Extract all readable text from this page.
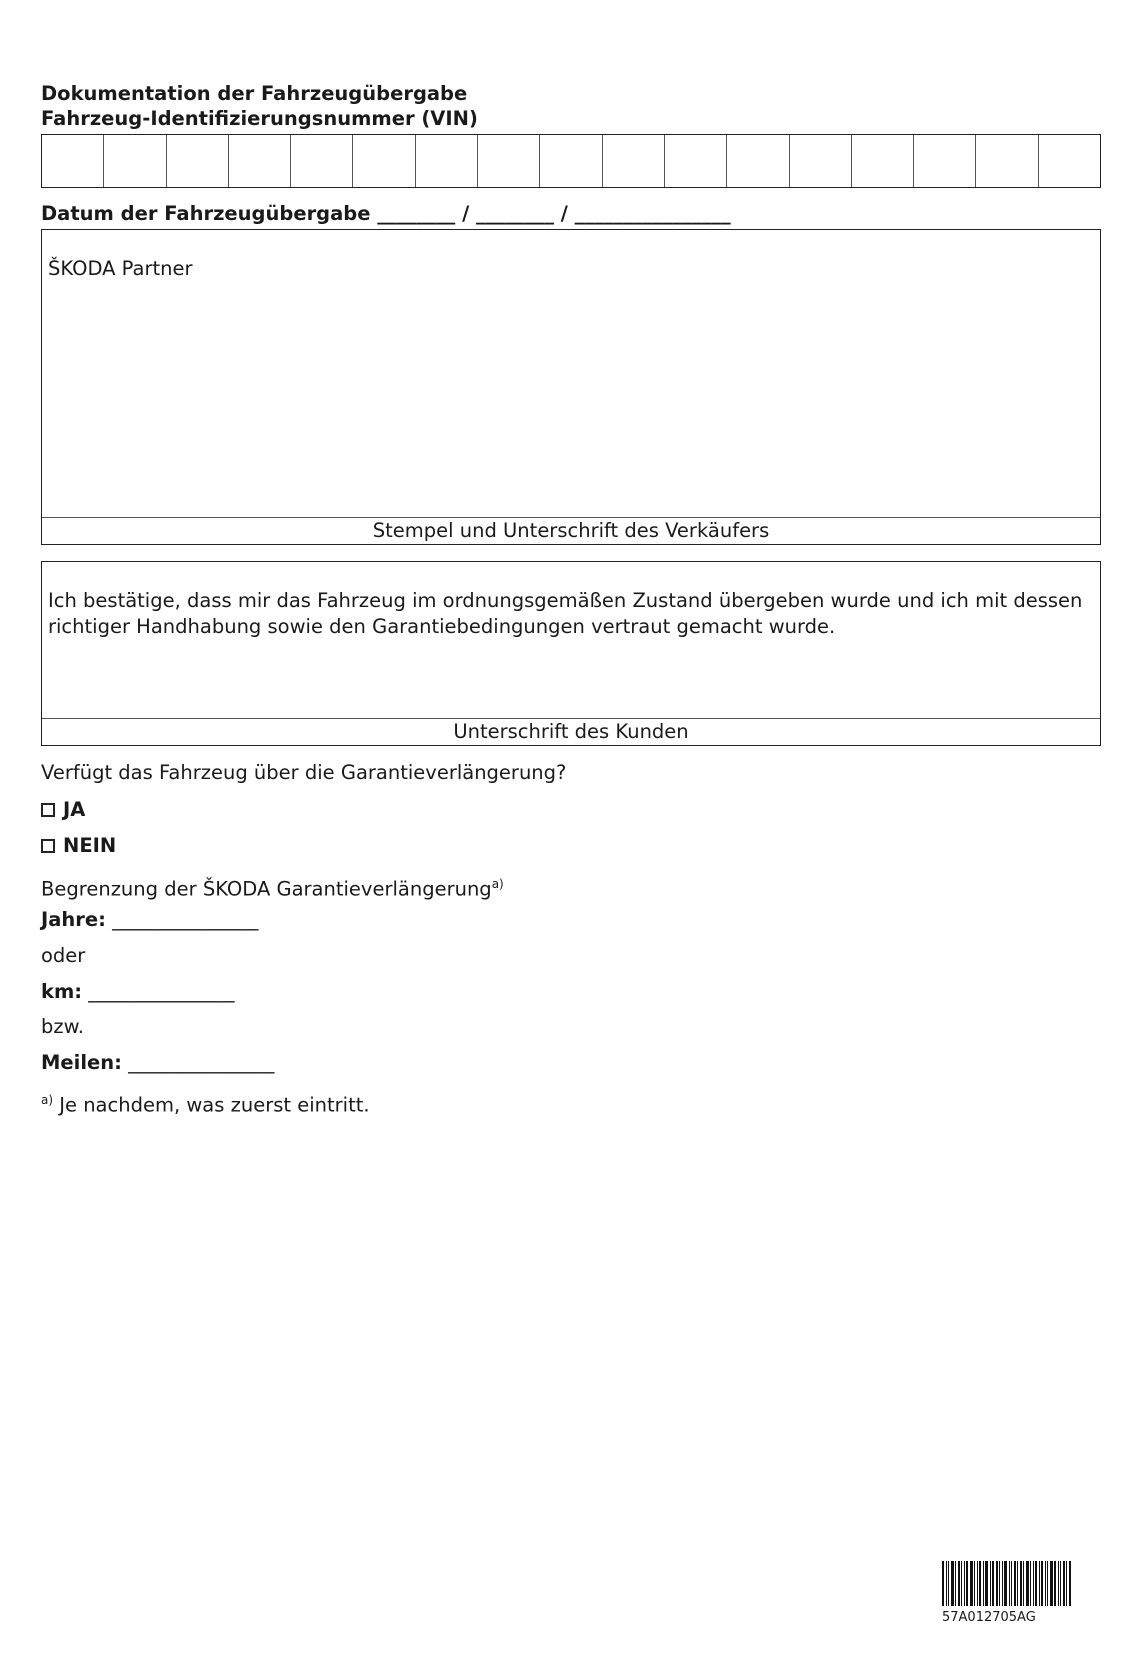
Dokumentation der Fahrzeugübergabe
Fahrzeug-Identifizierungsnummer (VIN)
Datum der Fahrzeugübergabe ________ / ________ / ________________
ŠKODA Partner
Stempel und Unterschrift des Verkäufers
Ich bestätige, dass mir das Fahrzeug im ordnungsgemäßen Zustand übergeben wurde und ich mit dessen
richtiger Handhabung sowie den Garantiebedingungen vertraut gemacht wurde.
Unterschrift des Kunden
Verfügt das Fahrzeug über die Garantieverlängerung?
JA
NEIN
Begrenzung der ŠKODA Garantieverlängerung$^{a)}$
Jahre: _______________
oder
km: _______________
bzw.
Meilen: _______________
$^{a)}$ Je nachdem, was zuerst eintritt.
57A012705AG
